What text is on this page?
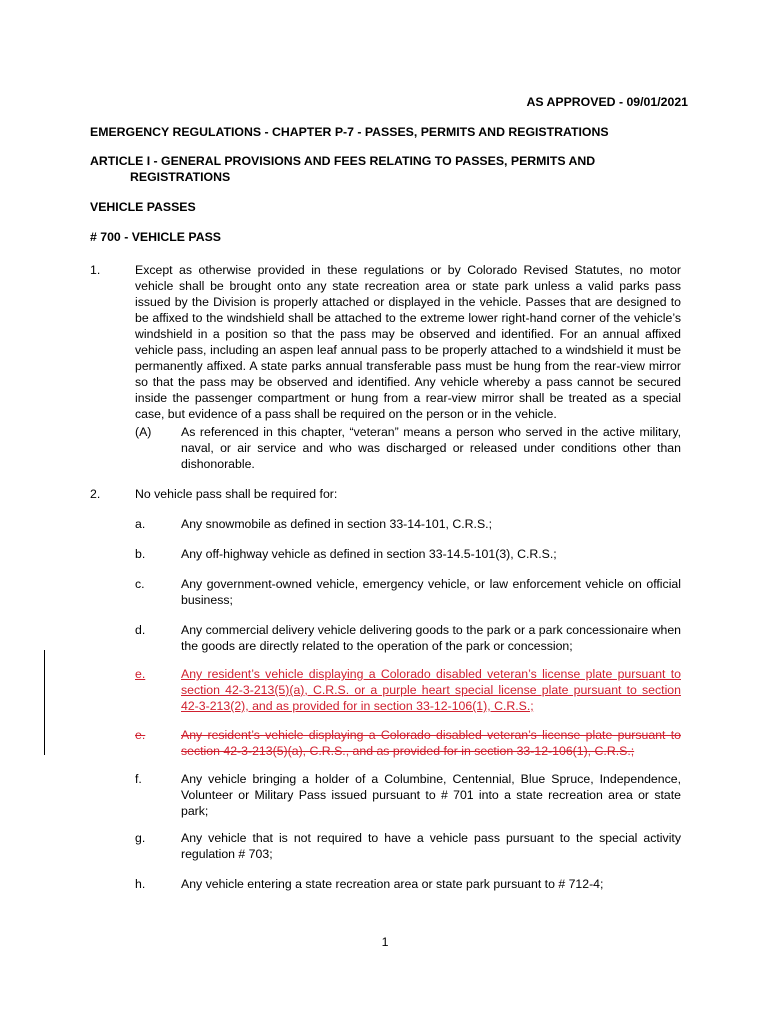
AS APPROVED - 09/01/2021
EMERGENCY REGULATIONS - CHAPTER P-7 - PASSES, PERMITS AND REGISTRATIONS
ARTICLE I - GENERAL PROVISIONS AND FEES RELATING TO PASSES, PERMITS AND
REGISTRATIONS
VEHICLE PASSES
# 700 - VEHICLE PASS
1.	Except as otherwise provided in these regulations or by Colorado Revised Statutes, no motor vehicle shall be brought onto any state recreation area or state park unless a valid parks pass issued by the Division is properly attached or displayed in the vehicle. Passes that are designed to be affixed to the windshield shall be attached to the extreme lower right-hand corner of the vehicle’s windshield in a position so that the pass may be observed and identified. For an annual affixed vehicle pass, including an aspen leaf annual pass to be properly attached to a windshield it must be permanently affixed. A state parks annual transferable pass must be hung from the rear-view mirror so that the pass may be observed and identified. Any vehicle whereby a pass cannot be secured inside the passenger compartment or hung from a rear-view mirror shall be treated as a special case, but evidence of a pass shall be required on the person or in the vehicle.
(A) As referenced in this chapter, “veteran” means a person who served in the active military, naval, or air service and who was discharged or released under conditions other than dishonorable.
2.	No vehicle pass shall be required for:
a.	Any snowmobile as defined in section 33-14-101, C.R.S.;
b.	Any off-highway vehicle as defined in section 33-14.5-101(3), C.R.S.;
c.	Any government-owned vehicle, emergency vehicle, or law enforcement vehicle on official business;
d.	Any commercial delivery vehicle delivering goods to the park or a park concessionaire when the goods are directly related to the operation of the park or concession;
e.	Any resident’s vehicle displaying a Colorado disabled veteran’s license plate pursuant to section 42-3-213(5)(a), C.R.S. or a purple heart special license plate pursuant to section 42-3-213(2), and as provided for in section 33-12-106(1), C.R.S.;
e.	Any resident’s vehicle displaying a Colorado disabled veteran’s license plate pursuant to section 42-3-213(5)(a), C.R.S., and as provided for in section 33-12-106(1), C.R.S.;
f.	Any vehicle bringing a holder of a Columbine, Centennial, Blue Spruce, Independence, Volunteer or Military Pass issued pursuant to # 701 into a state recreation area or state park;
g.	Any vehicle that is not required to have a vehicle pass pursuant to the special activity regulation # 703;
h.	Any vehicle entering a state recreation area or state park pursuant to # 712-4;
1
